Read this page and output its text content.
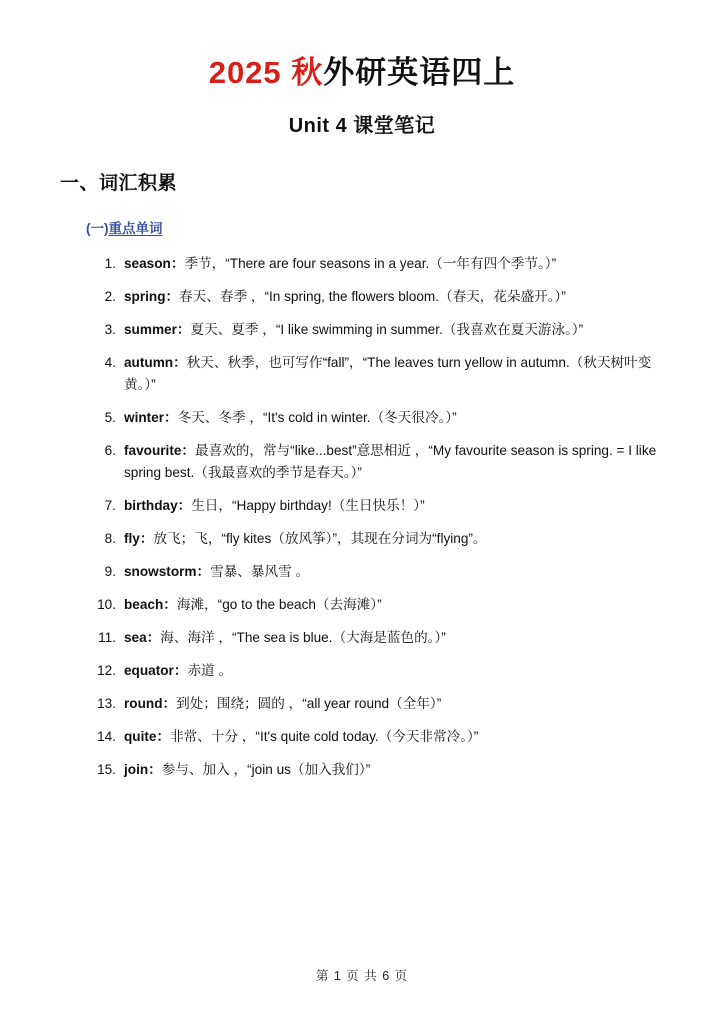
2025 秋外研英语四上
Unit 4 课堂笔记
一、词汇积累
(一)重点单词
1. season：季节，“There are four seasons in a year.（一年有四个季节。）”
2. spring：春天、春季 ，“In spring, the flowers bloom.（春天，花朵盛开。）”
3. summer：夏天、夏季 ，“I like swimming in summer.（我喜欢在夏天游泳。）”
4. autumn：秋天、秋季，也可写作“fall”，“The leaves turn yellow in autumn.（秋天树叶变黄。）”
5. winter：冬天、冬季 ，“It's cold in winter.（冬天很冷。）”
6. favourite：最喜欢的，常与“like...best”意思相近 ，“My favourite season is spring. = I like spring best.（我最喜欢的季节是春天。）”
7. birthday：生日，“Happy birthday!（生日快乐！）”
8. fly：放飞；飞，“fly kites（放风筝）”，其现在分词为“flying”。
9. snowstorm：雪暴、暴风雪 。
10. beach：海滩，“go to the beach（去海滩）”
11. sea：海、海洋 ，“The sea is blue.（大海是蓝色的。）”
12. equator：赤道 。
13. round：到处；围绕；圆的 ，“all year round（全年）”
14. quite：非常、十分 ，“It's quite cold today.（今天非常冷。）”
15. join：参与、加入 ，“join us（加入我们）”
第 1 页 共 6 页
